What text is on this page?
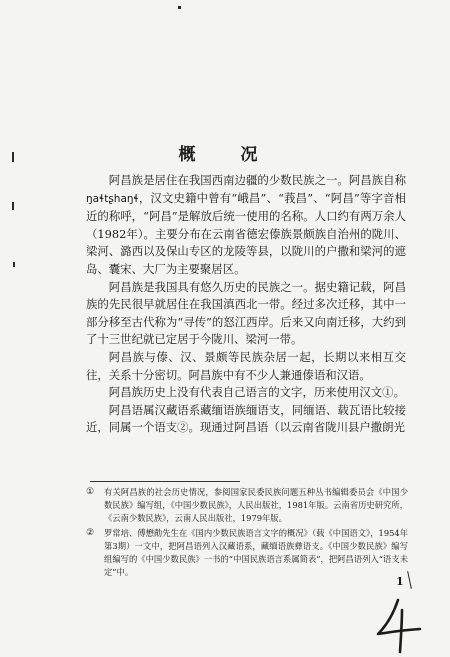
概　况

阿昌族是居住在我国西南边疆的少数民族之一。阿昌族自称ŋaɬtʂhaŋɬ，汉文史籍中曾有“峨昌”、“莪昌”、“阿昌”等字音相近的称呼，“阿昌”是解放后统一使用的名称。人口约有两万余人（1982年）。主要分布在云南省德宏傣族景颇族自治州的陇川、梁河、潞西以及保山专区的龙陵等县，以陇川的户撒和梁河的遮岛、囊宋、大厂为主要聚居区。

阿昌族是我国具有悠久历史的民族之一。据史籍记载，阿昌族的先民很早就居住在我国滇西北一带。经过多次迁移，其中一部分移至古代称为“寻传”的怒江西岸。后来又向南迁移，大约到了十三世纪就已定居于今陇川、梁河一带。

阿昌族与傣、汉、景颇等民族杂居一起，长期以来相互交往，关系十分密切。阿昌族中有不少人兼通傣语和汉语。

阿昌族历史上没有代表自己语言的文字，历来使用汉文①。

阿昌语属汉藏语系藏缅语族缅语支，同缅语、载瓦语比较接近，同属一个语支②。现通过阿昌语（以云南省陇川县户撒朗光

①	有关阿昌族的社会历史情况，参阅国家民委民族问题五种丛书编辑委员会《中国少数民族》编写组，《中国少数民族》，人民出版社，1981年版。云南省历史研究所，《云南少数民族》，云南人民出版社，1979年版。
②	罗常培、傅懋勣先生在《国内少数民族语言文字的概况》（载《中国语文》，1954年第3期）一文中，把阿昌语列入汉藏语系，藏缅语族彝语支。《中国少数民族》编写组编写的《中国少数民族》一书的“中国民族语言系属简表”，把阿昌语列入“语支未定”中。
1
